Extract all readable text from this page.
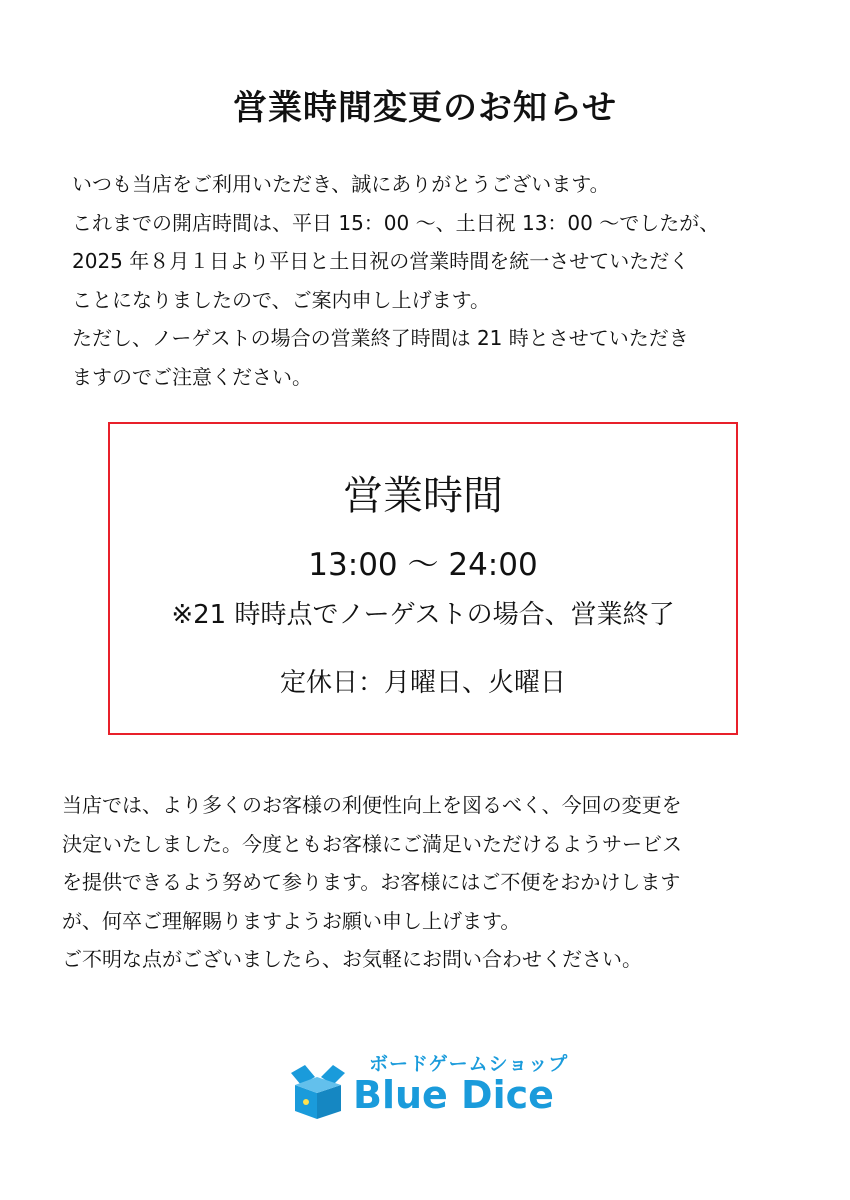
営業時間変更のお知らせ

いつも当店をご利用いただき、誠にありがとうございます。

これまでの開店時間は、平日 15：00 〜、土日祝 13：00 〜でしたが、

2025 年８月１日より平日と土日祝の営業時間を統一させていただく

ことになりましたので、ご案内申し上げます。

ただし、ノーゲストの場合の営業終了時間は 21 時とさせていただき

ますのでご注意ください。

営業時間
13:00 〜 24:00
※21 時時点でノーゲストの場合、営業終了
定休日：月曜日、火曜日

当店では、より多くのお客様の利便性向上を図るべく、今回の変更を

決定いたしました。今度ともお客様にご満足いただけるようサービス

を提供できるよう努めて参ります。お客様にはご不便をおかけします

が、何卒ご理解賜りますようお願い申し上げます。

ご不明な点がございましたら、お気軽にお問い合わせください。

ボードゲームショップ
Blue Dice
